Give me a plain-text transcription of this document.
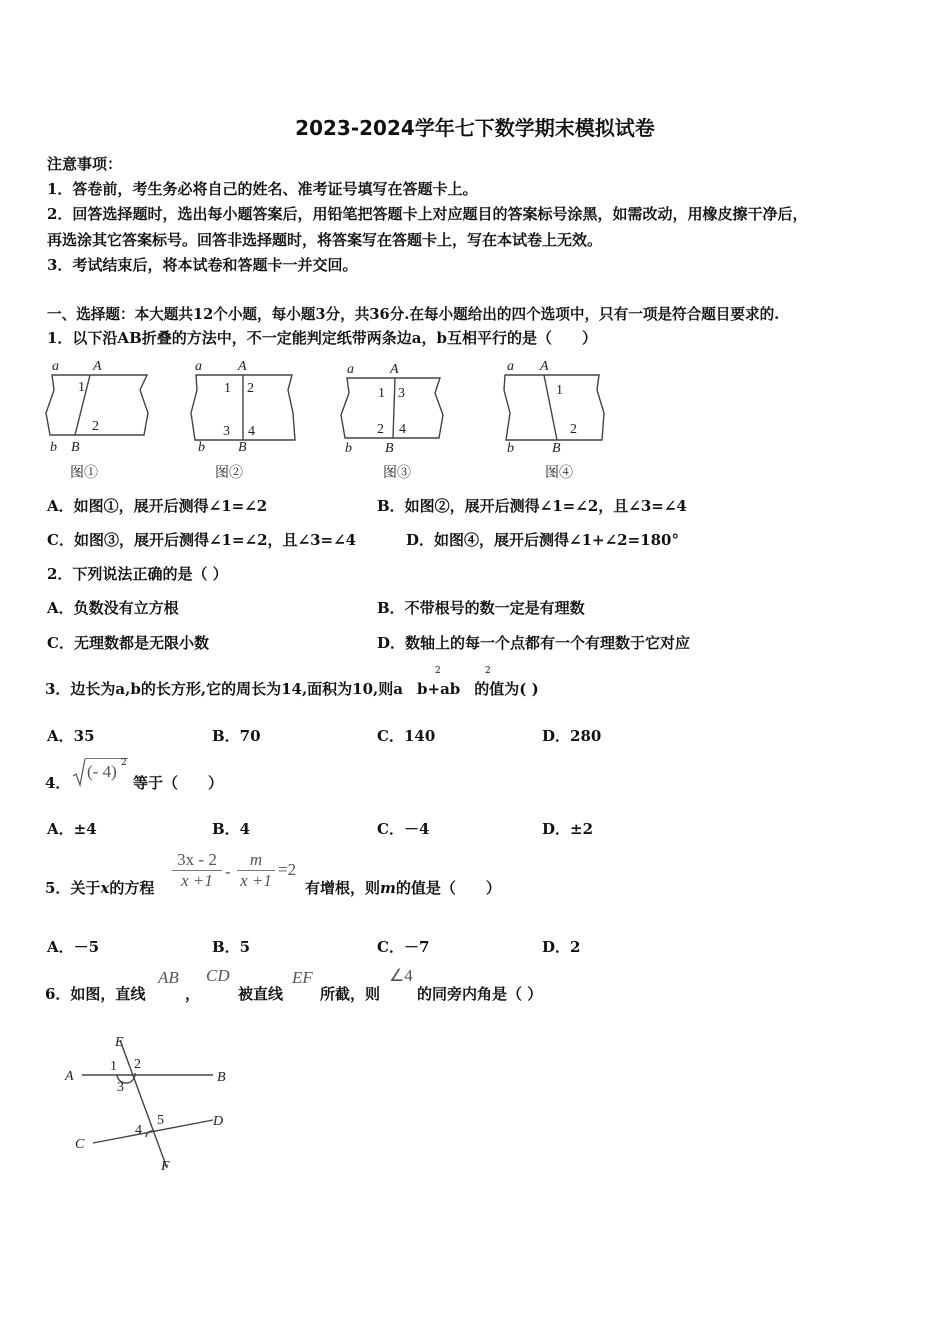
2023-2024学年七下数学期末模拟试卷
注意事项：
1．答卷前，考生务必将自己的姓名、准考证号填写在答题卡上。
2．回答选择题时，选出每小题答案后，用铅笔把答题卡上对应题目的答案标号涂黑，如需改动，用橡皮擦干净后，
再选涂其它答案标号。回答非选择题时，将答案写在答题卡上，写在本试卷上无效。
3．考试结束后，将本试卷和答题卡一并交回。
一、选择题：本大题共12个小题，每小题3分，共36分.在每小题给出的四个选项中，只有一项是符合题目要求的.
1．以下沿AB折叠的方法中，不一定能判定纸带两条边a，b互相平行的是（　　）
a A
1
2
b B
图①
a	A
1 2
3 4
b B
图②
a	A
1 3
2 4
b B
图③
a A
1
2
b	B
图④
A．如图①，展开后测得∠1=∠2	B．如图②，展开后测得∠1=∠2，且∠3=∠4
C．如图③，展开后测得∠1=∠2，且∠3=∠4	D．如图④，展开后测得∠1+∠2=180°
2．下列说法正确的是（ ）
A．负数没有立方根	B．不带根号的数一定是有理数
C．无理数都是无限小数	D．数轴上的每一个点都有一个有理数于它对应
3．边长为a,b的长方形,它的周长为14,面积为10,则a b+ab 的值为( )
2	2
A．35	B．70	C．140	D．280
4．
(- 4) 2
等于（　　）
A．±4	B．4	C．－4	D．±2
5．关于x的方程 $\frac{3x - 2}{x +1} - \frac{m}{x +1} =2$
有增根，则m的值是（　　）
A．－5	B．5	C．－7	D．2
6．如图，直线
AB
，
CD
被直线
EF
所截，则
∠4
的同旁内角是（ ）
E
A	B
C
D
F
1 2
3
4
5
